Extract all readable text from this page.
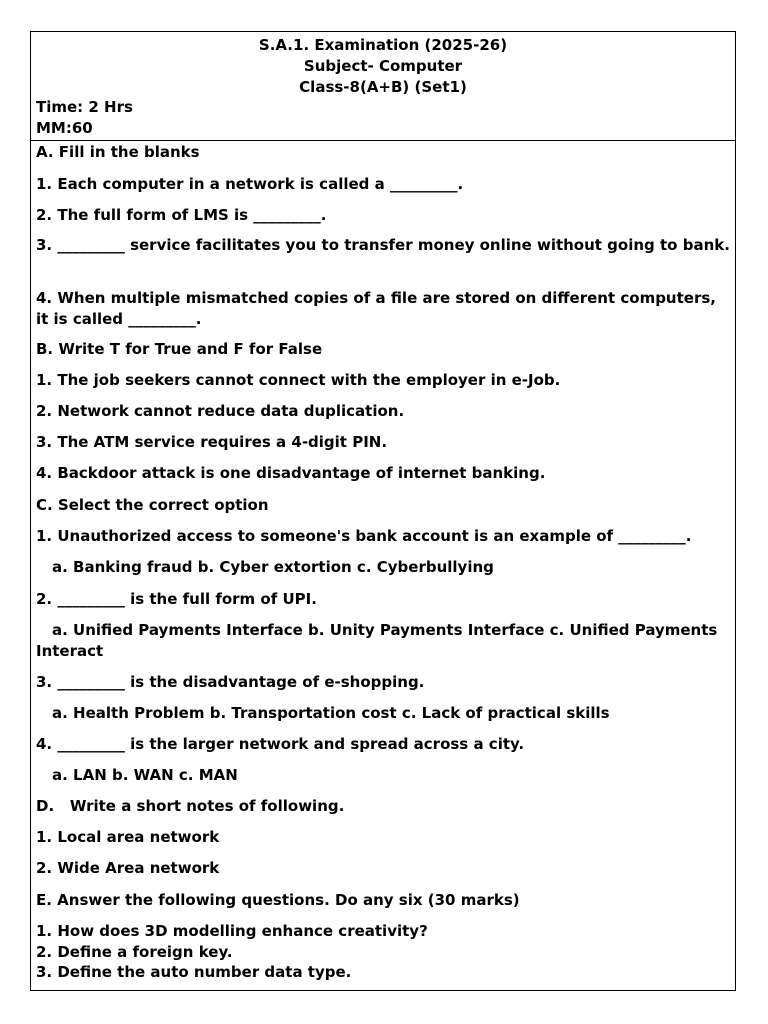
S.A.1. Examination (2025-26)
Subject- Computer
Class-8(A+B) (Set1)
Time: 2 Hrs
MM:60
A. Fill in the blanks
1. Each computer in a network is called a _________.
2. The full form of LMS is _________.
3. _________ service facilitates you to transfer money online without going to bank.
4. When multiple mismatched copies of a file are stored on different computers, it is called _________.
B. Write T for True and F for False
1. The job seekers cannot connect with the employer in e-Job.
2. Network cannot reduce data duplication.
3. The ATM service requires a 4-digit PIN.
4. Backdoor attack is one disadvantage of internet banking.
C. Select the correct option
1. Unauthorized access to someone's bank account is an example of _________.
a. Banking fraud b. Cyber extortion c. Cyberbullying
2. _________ is the full form of UPI.
a. Unified Payments Interface b. Unity Payments Interface c. Unified Payments Interact
3. _________ is the disadvantage of e-shopping.
a. Health Problem b. Transportation cost c. Lack of practical skills
4. _________ is the larger network and spread across a city.
a. LAN b. WAN c. MAN
D.   Write a short notes of following.
1. Local area network
2. Wide Area network
E. Answer the following questions. Do any six (30 marks)
1. How does 3D modelling enhance creativity?
2. Define a foreign key.
3. Define the auto number data type.
